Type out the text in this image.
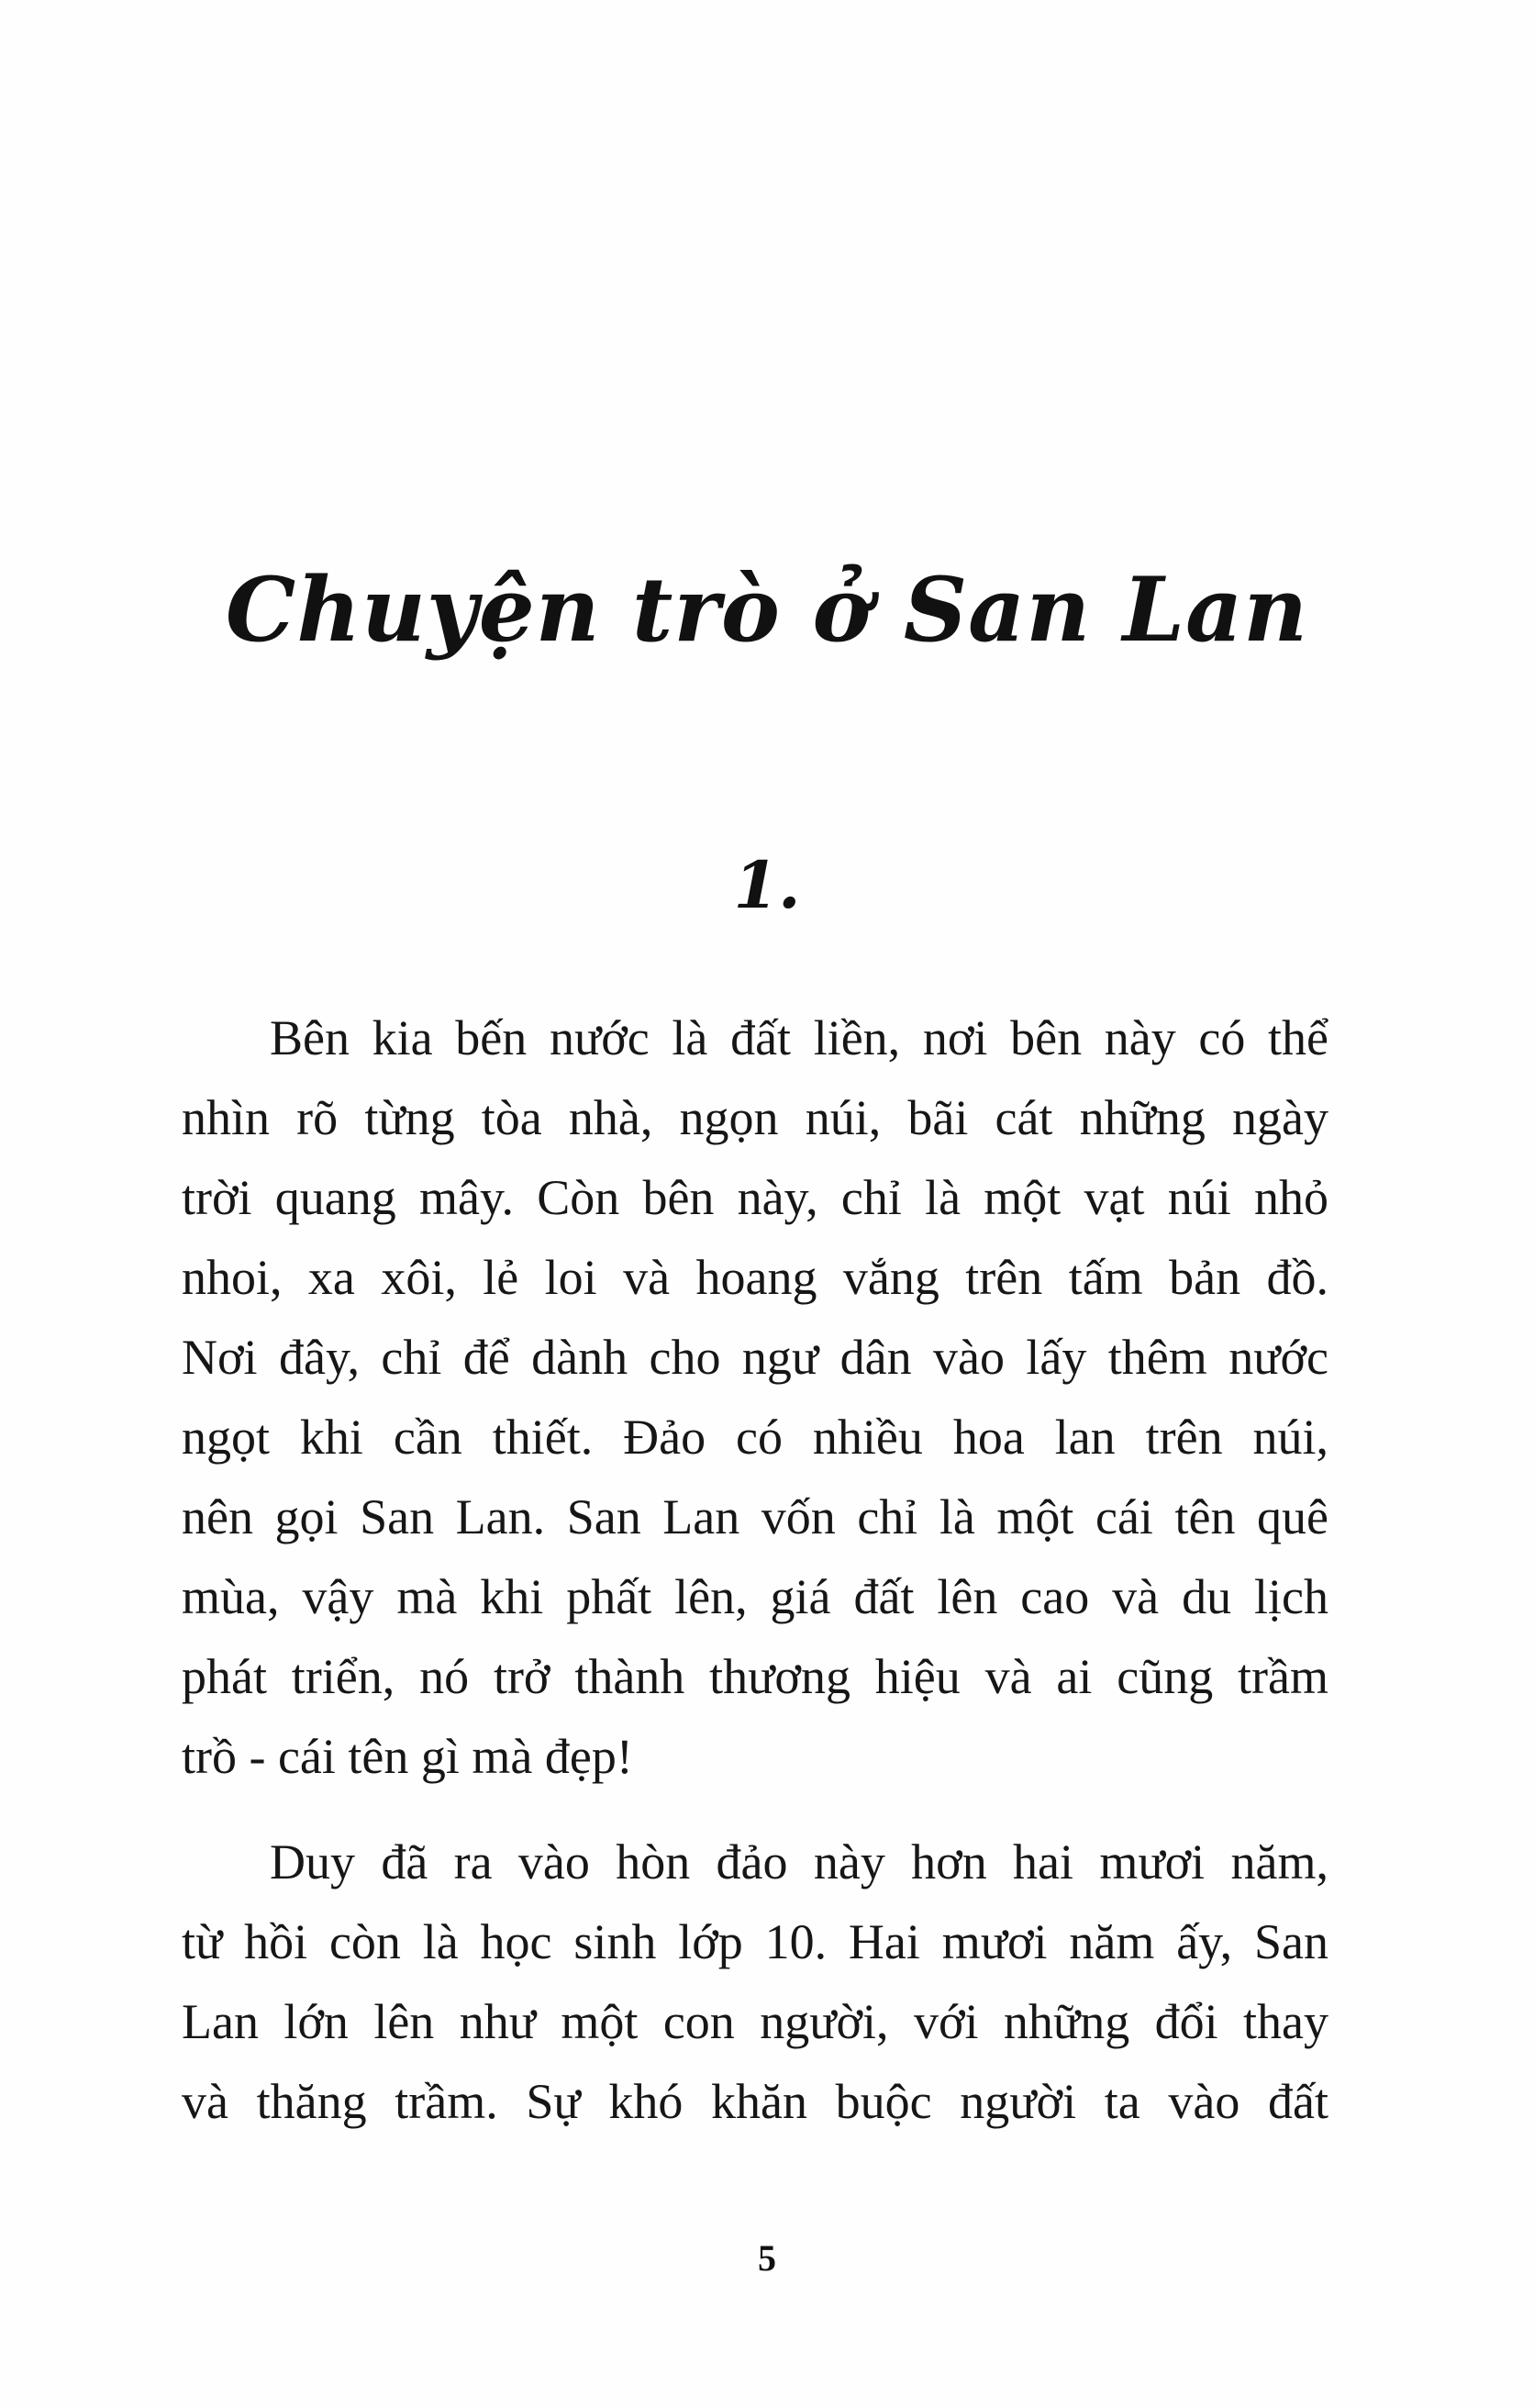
Chuyện trò ở San Lan
1.
Bên kia bến nước là đất liền, nơi bên này có thể
nhìn rõ từng tòa nhà, ngọn núi, bãi cát những ngày
trời quang mây. Còn bên này, chỉ là một vạt núi nhỏ
nhoi, xa xôi, lẻ loi và hoang vắng trên tấm bản đồ.
Nơi đây, chỉ để dành cho ngư dân vào lấy thêm nước
ngọt khi cần thiết. Đảo có nhiều hoa lan trên núi,
nên gọi San Lan. San Lan vốn chỉ là một cái tên quê
mùa, vậy mà khi phất lên, giá đất lên cao và du lịch
phát triển, nó trở thành thương hiệu và ai cũng trầm
trồ - cái tên gì mà đẹp!
Duy đã ra vào hòn đảo này hơn hai mươi năm,
từ hồi còn là học sinh lớp 10. Hai mươi năm ấy, San
Lan lớn lên như một con người, với những đổi thay
và thăng trầm. Sự khó khăn buộc người ta vào đất
5
